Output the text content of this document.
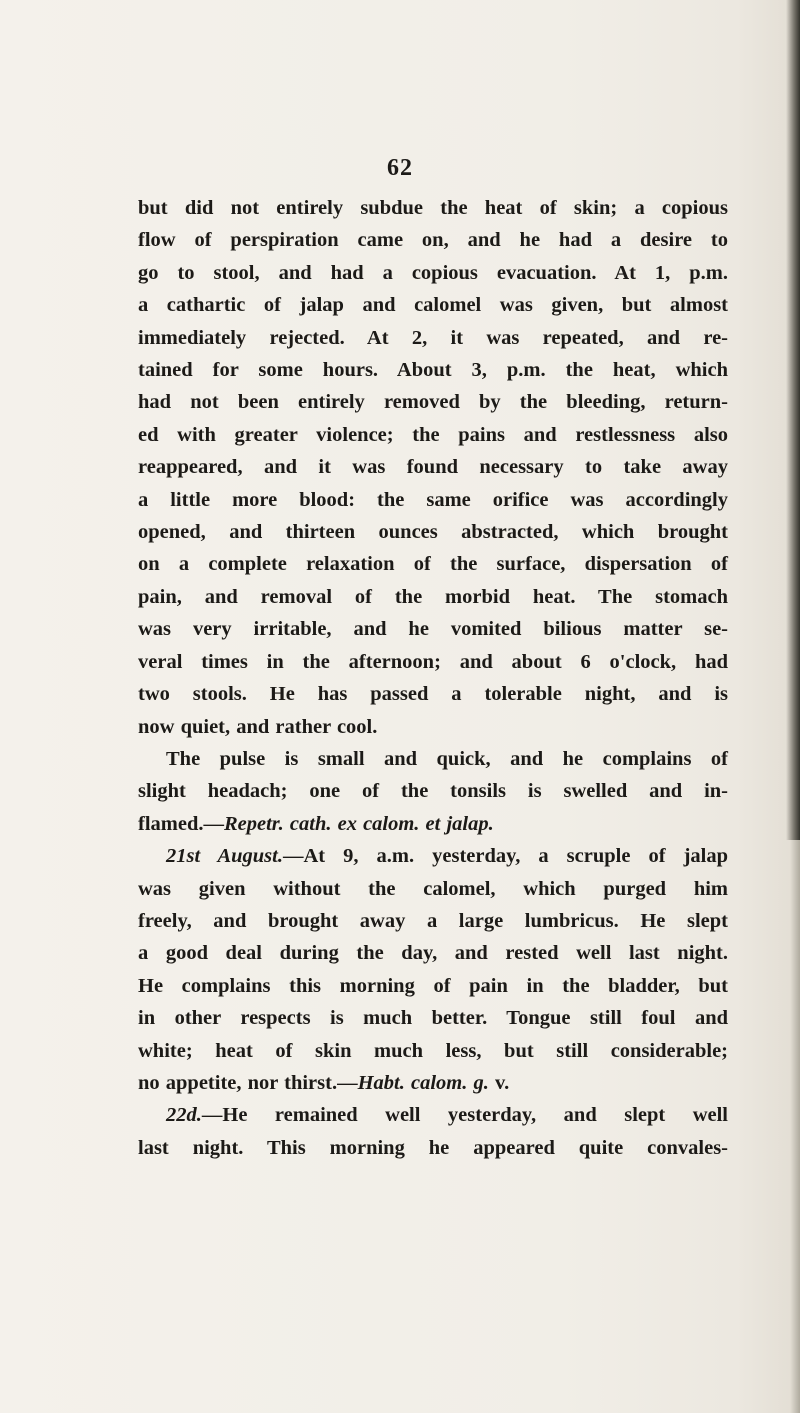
62
but did not entirely subdue the heat of skin; a copious
flow of perspiration came on, and he had a desire to
go to stool, and had a copious evacuation. At 1, p.m.
a cathartic of jalap and calomel was given, but almost
immediately rejected. At 2, it was repeated, and re-
tained for some hours. About 3, p.m. the heat, which
had not been entirely removed by the bleeding, return-
ed with greater violence; the pains and restlessness also
reappeared, and it was found necessary to take away
a little more blood: the same orifice was accordingly
opened, and thirteen ounces abstracted, which brought
on a complete relaxation of the surface, dispersation of
pain, and removal of the morbid heat. The stomach
was very irritable, and he vomited bilious matter se-
veral times in the afternoon; and about 6 o'clock, had
two stools. He has passed a tolerable night, and is
now quiet, and rather cool.
The pulse is small and quick, and he complains of
slight headach; one of the tonsils is swelled and in-
flamed.—Repetr. cath. ex calom. et jalap.
21st August.—At 9, a.m. yesterday, a scruple of jalap
was given without the calomel, which purged him
freely, and brought away a large lumbricus. He slept
a good deal during the day, and rested well last night.
He complains this morning of pain in the bladder, but
in other respects is much better. Tongue still foul and
white; heat of skin much less, but still considerable;
no appetite, nor thirst.—Habt. calom. g. v.
22d.—He remained well yesterday, and slept well
last night. This morning he appeared quite convales-
